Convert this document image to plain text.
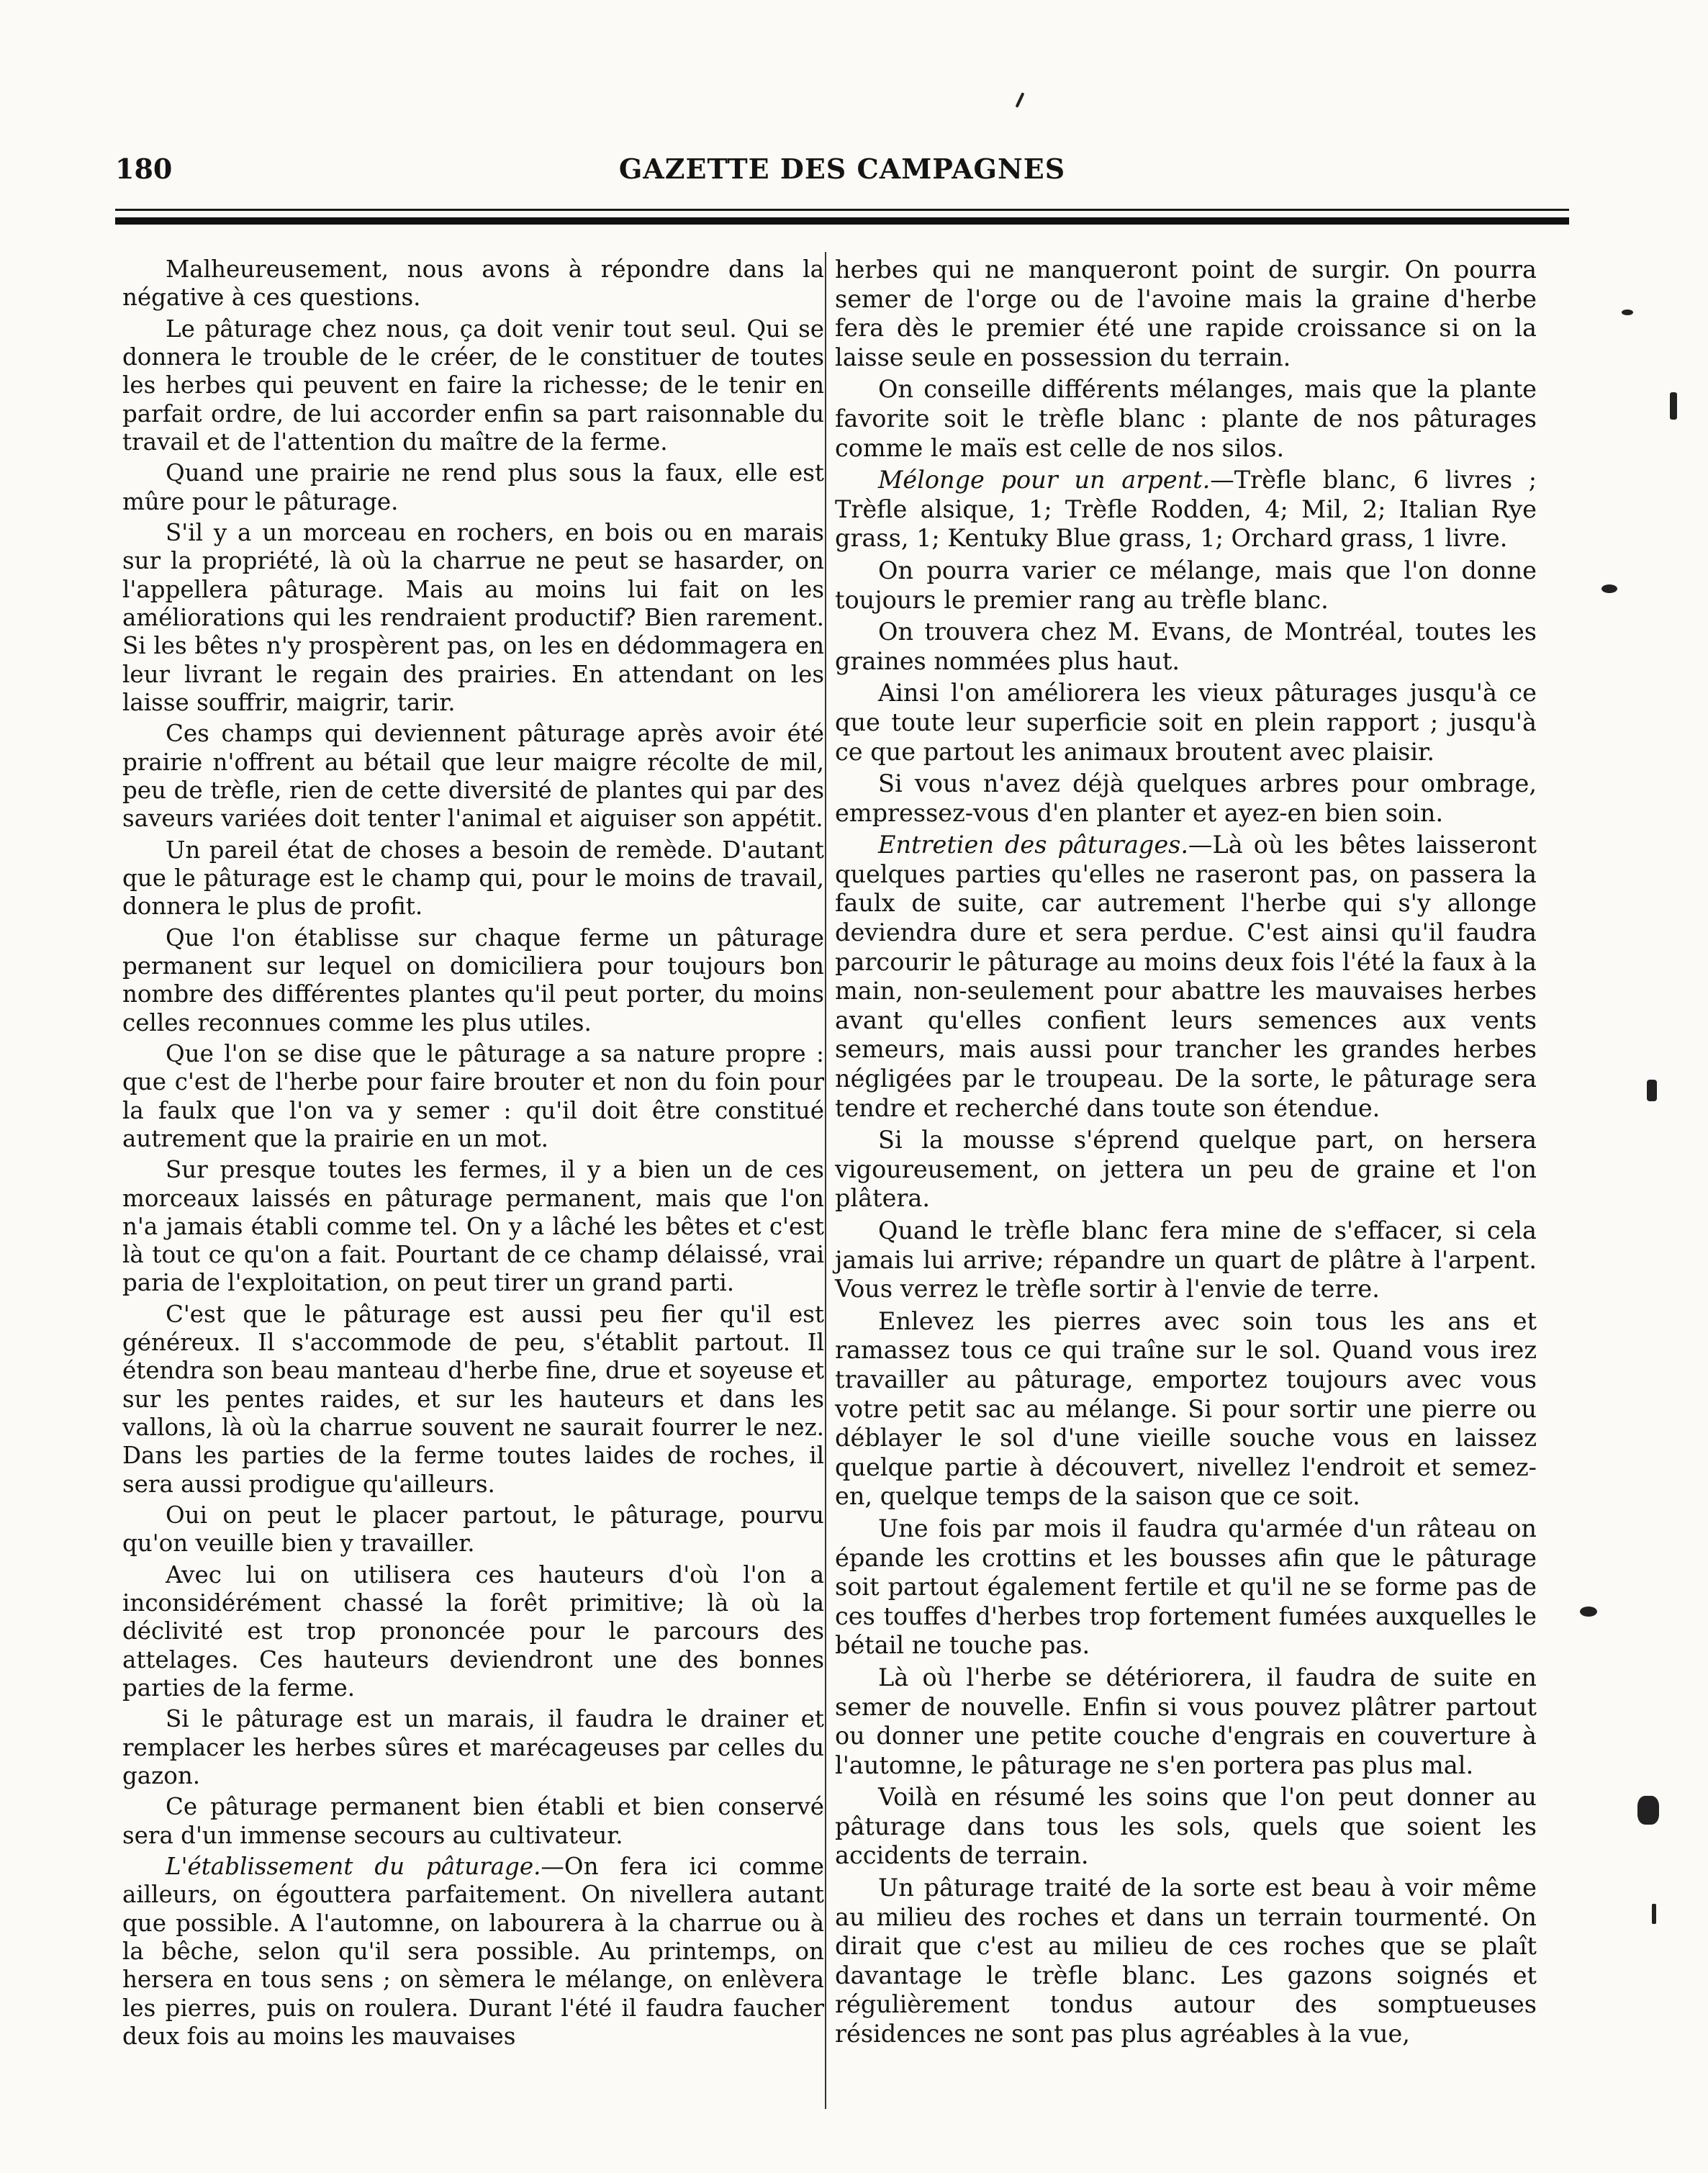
180	GAZETTE DES CAMPAGNES

Malheureusement, nous avons à répondre dans la négative à ces questions.

Le pâturage chez nous, ça doit venir tout seul. Qui se donnera le trouble de le créer, de le constituer de toutes les herbes qui peuvent en faire la richesse; de le tenir en parfait ordre, de lui accorder enfin sa part raisonnable du travail et de l'attention du maître de la ferme.

Quand une prairie ne rend plus sous la faux, elle est mûre pour le pâturage.

S'il y a un morceau en rochers, en bois ou en marais sur la propriété, là où la charrue ne peut se hasarder, on l'appellera pâturage. Mais au moins lui fait on les améliorations qui les rendraient productif? Bien rarement. Si les bêtes n'y prospèrent pas, on les en dédommagera en leur livrant le regain des prairies. En attendant on les laisse souffrir, maigrir, tarir.

Ces champs qui deviennent pâturage après avoir été prairie n'offrent au bétail que leur maigre récolte de mil, peu de trèfle, rien de cette diversité de plantes qui par des saveurs variées doit tenter l'animal et aiguiser son appétit.

Un pareil état de choses a besoin de remède. D'autant que le pâturage est le champ qui, pour le moins de travail, donnera le plus de profit.

Que l'on établisse sur chaque ferme un pâturage permanent sur lequel on domiciliera pour toujours bon nombre des différentes plantes qu'il peut porter, du moins celles reconnues comme les plus utiles.

Que l'on se dise que le pâturage a sa nature propre : que c'est de l'herbe pour faire brouter et non du foin pour la faulx que l'on va y semer : qu'il doit être constitué autrement que la prairie en un mot.

Sur presque toutes les fermes, il y a bien un de ces morceaux laissés en pâturage permanent, mais que l'on n'a jamais établi comme tel. On y a lâché les bêtes et c'est là tout ce qu'on a fait. Pourtant de ce champ délaissé, vrai paria de l'exploitation, on peut tirer un grand parti.

C'est que le pâturage est aussi peu fier qu'il est généreux. Il s'accommode de peu, s'établit partout. Il étendra son beau manteau d'herbe fine, drue et soyeuse et sur les pentes raides, et sur les hauteurs et dans les vallons, là où la charrue souvent ne saurait fourrer le nez. Dans les parties de la ferme toutes laides de roches, il sera aussi prodigue qu'ailleurs.

Oui on peut le placer partout, le pâturage, pourvu qu'on veuille bien y travailler.

Avec lui on utilisera ces hauteurs d'où l'on a inconsidérément chassé la forêt primitive; là où la déclivité est trop prononcée pour le parcours des attelages. Ces hauteurs deviendront une des bonnes parties de la ferme.

Si le pâturage est un marais, il faudra le drainer et remplacer les herbes sûres et marécageuses par celles du gazon.

Ce pâturage permanent bien établi et bien conservé sera d'un immense secours au cultivateur.

L'établissement du pâturage.—On fera ici comme ailleurs, on égouttera parfaitement. On nivellera autant que possible. A l'automne, on labourera à la charrue ou à la bêche, selon qu'il sera possible. Au printemps, on hersera en tous sens ; on sèmera le mélange, on enlèvera les pierres, puis on roulera. Durant l'été il faudra faucher deux fois au moins les mauvaises

herbes qui ne manqueront point de surgir. On pourra semer de l'orge ou de l'avoine mais la graine d'herbe fera dès le premier été une rapide croissance si on la laisse seule en possession du terrain.

On conseille différents mélanges, mais que la plante favorite soit le trèfle blanc : plante de nos pâturages comme le maïs est celle de nos silos.

Mélonge pour un arpent.—Trèfle blanc, 6 livres ; Trèfle alsique, 1; Trèfle Rodden, 4; Mil, 2; Italian Rye grass, 1; Kentuky Blue grass, 1; Orchard grass, 1 livre.

On pourra varier ce mélange, mais que l'on donne toujours le premier rang au trèfle blanc.

On trouvera chez M. Evans, de Montréal, toutes les graines nommées plus haut.

Ainsi l'on améliorera les vieux pâturages jusqu'à ce que toute leur superficie soit en plein rapport ; jusqu'à ce que partout les animaux broutent avec plaisir.

Si vous n'avez déjà quelques arbres pour ombrage, empressez-vous d'en planter et ayez-en bien soin.

Entretien des pâturages.—Là où les bêtes laisseront quelques parties qu'elles ne raseront pas, on passera la faulx de suite, car autrement l'herbe qui s'y allonge deviendra dure et sera perdue. C'est ainsi qu'il faudra parcourir le pâturage au moins deux fois l'été la faux à la main, non-seulement pour abattre les mauvaises herbes avant qu'elles confient leurs semences aux vents semeurs, mais aussi pour trancher les grandes herbes négligées par le troupeau. De la sorte, le pâturage sera tendre et recherché dans toute son étendue.

Si la mousse s'éprend quelque part, on hersera vigoureusement, on jettera un peu de graine et l'on plâtera.

Quand le trèfle blanc fera mine de s'effacer, si cela jamais lui arrive; répandre un quart de plâtre à l'arpent. Vous verrez le trèfle sortir à l'envie de terre.

Enlevez les pierres avec soin tous les ans et ramassez tous ce qui traîne sur le sol. Quand vous irez travailler au pâturage, emportez toujours avec vous votre petit sac au mélange. Si pour sortir une pierre ou déblayer le sol d'une vieille souche vous en laissez quelque partie à découvert, nivellez l'endroit et semez-en, quelque temps de la saison que ce soit.

Une fois par mois il faudra qu'armée d'un râteau on épande les crottins et les bousses afin que le pâturage soit partout également fertile et qu'il ne se forme pas de ces touffes d'herbes trop fortement fumées auxquelles le bétail ne touche pas.

Là où l'herbe se détériorera, il faudra de suite en semer de nouvelle. Enfin si vous pouvez plâtrer partout ou donner une petite couche d'engrais en couverture à l'automne, le pâturage ne s'en portera pas plus mal.

Voilà en résumé les soins que l'on peut donner au pâturage dans tous les sols, quels que soient les accidents de terrain.

Un pâturage traité de la sorte est beau à voir même au milieu des roches et dans un terrain tourmenté. On dirait que c'est au milieu de ces roches que se plaît davantage le trèfle blanc. Les gazons soignés et régulièrement tondus autour des somptueuses résidences ne sont pas plus agréables à la vue,
